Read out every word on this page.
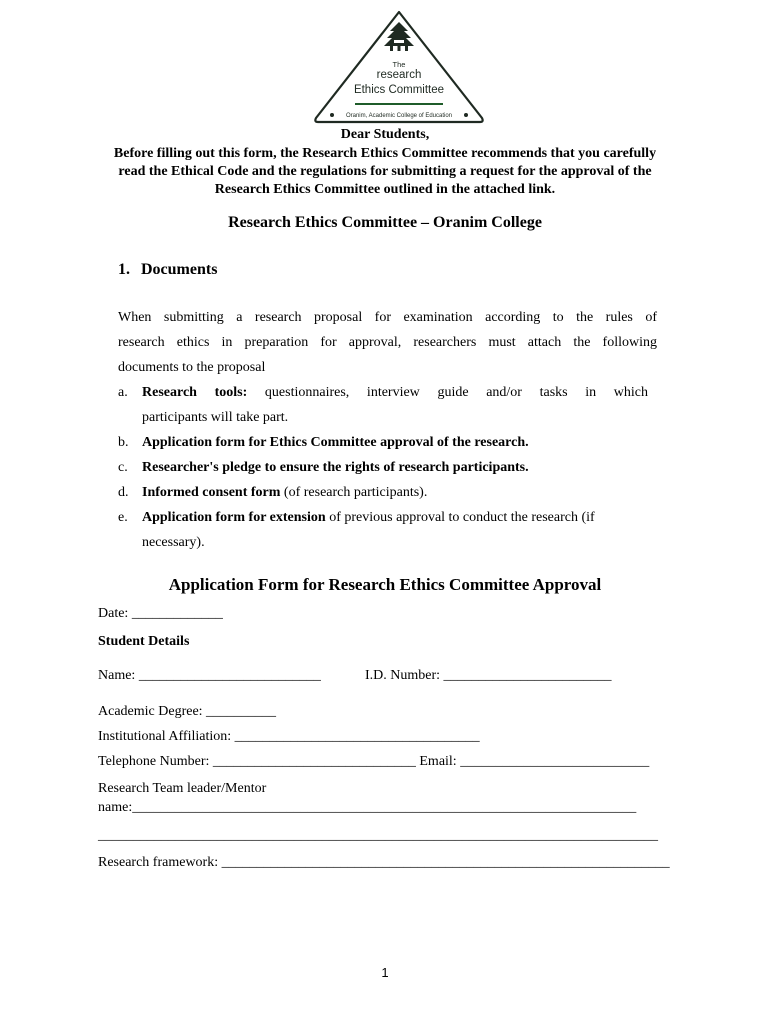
The
research
Ethics Committee
Oranim, Academic College of Education
Dear Students,
Before filling out this form, the Research Ethics Committee recommends that you carefully
read the Ethical Code and the regulations for submitting a request for the approval of the
Research Ethics Committee outlined in the attached link.
Research Ethics Committee – Oranim College
1. Documents
When submitting a research proposal for examination according to the rules of
research ethics in preparation for approval, researchers must attach the following
documents to the proposal
a. Research tools: questionnaires, interview guide and/or tasks in which
participants will take part.
b. Application form for Ethics Committee approval of the research.
c. Researcher's pledge to ensure the rights of research participants.
d. Informed consent form (of research participants).
e. Application form for extension of previous approval to conduct the research (if
necessary).
Application Form for Research Ethics Committee Approval
Date: _____________
Student Details
Name: __________________________	I.D. Number: ________________________
Academic Degree: __________
Institutional Affiliation: ___________________________________
Telephone Number: _____________________________ Email: ___________________________
Research Team leader/Mentor
name:________________________________________________________________________
________________________________________________________________________________
Research framework: ________________________________________________________________
1
